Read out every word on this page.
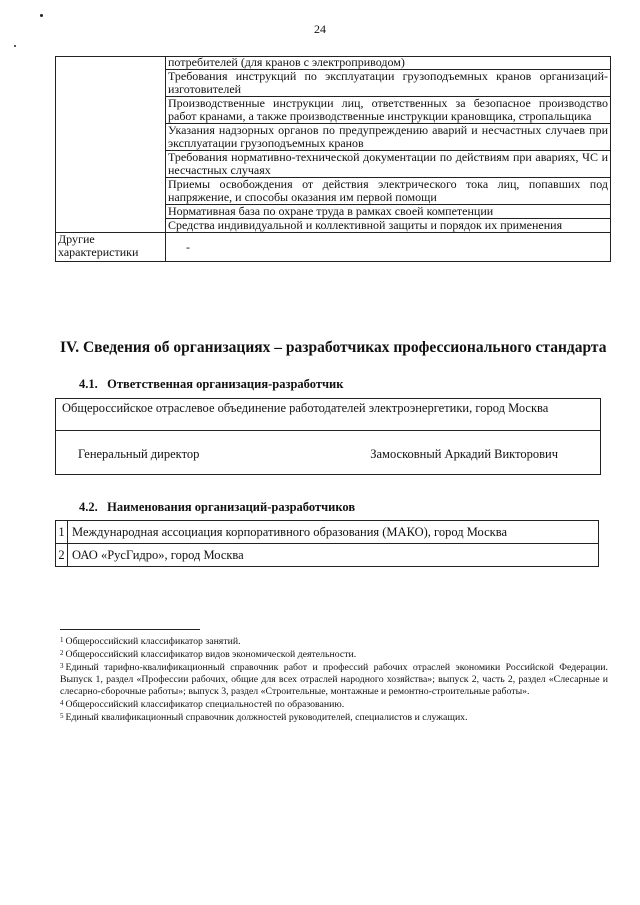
24
	потребителей (для кранов с электроприводом)
	Требования инструкций по эксплуатации грузоподъемных кранов организаций-изготовителей
	Производственные инструкции лиц, ответственных за безопасное производство работ кранами, а также производственные инструкции крановщика, стропальщика
	Указания надзорных органов по предупреждению аварий и несчастных случаев при эксплуатации грузоподъемных кранов
	Требования нормативно-технической документации по действиям при авариях, ЧС и несчастных случаях
	Приемы освобождения от действия электрического тока лиц, попавших под напряжение, и способы оказания им первой помощи
	Нормативная база по охране труда в рамках своей компетенции
	Средства индивидуальной и коллективной защиты и порядок их применения
Другие характеристики	-
IV. Сведения об организациях – разработчиках профессионального стандарта
4.1. Ответственная организация-разработчик
Общероссийское отраслевое объединение работодателей электроэнергетики, город Москва
Генеральный директор	Замосковный Аркадий Викторович
4.2. Наименования организаций-разработчиков
1	Международная ассоциация корпоративного образования (МАКО), город Москва
2	ОАО «РусГидро», город Москва

$^1$ Общероссийский классификатор занятий.

$^2$ Общероссийский классификатор видов экономической деятельности.

$^3$ Единый тарифно-квалификационный справочник работ и профессий рабочих отраслей экономики Российской Федерации. Выпуск 1, раздел «Профессии рабочих, общие для всех отраслей народного хозяйства»; выпуск 2, часть 2, раздел «Слесарные и слесарно-сборочные работы»; выпуск 3, раздел «Строительные, монтажные и ремонтно-строительные работы».

$^4$ Общероссийский классификатор специальностей по образованию.

$^5$ Единый квалификационный справочник должностей руководителей, специалистов и служащих.
